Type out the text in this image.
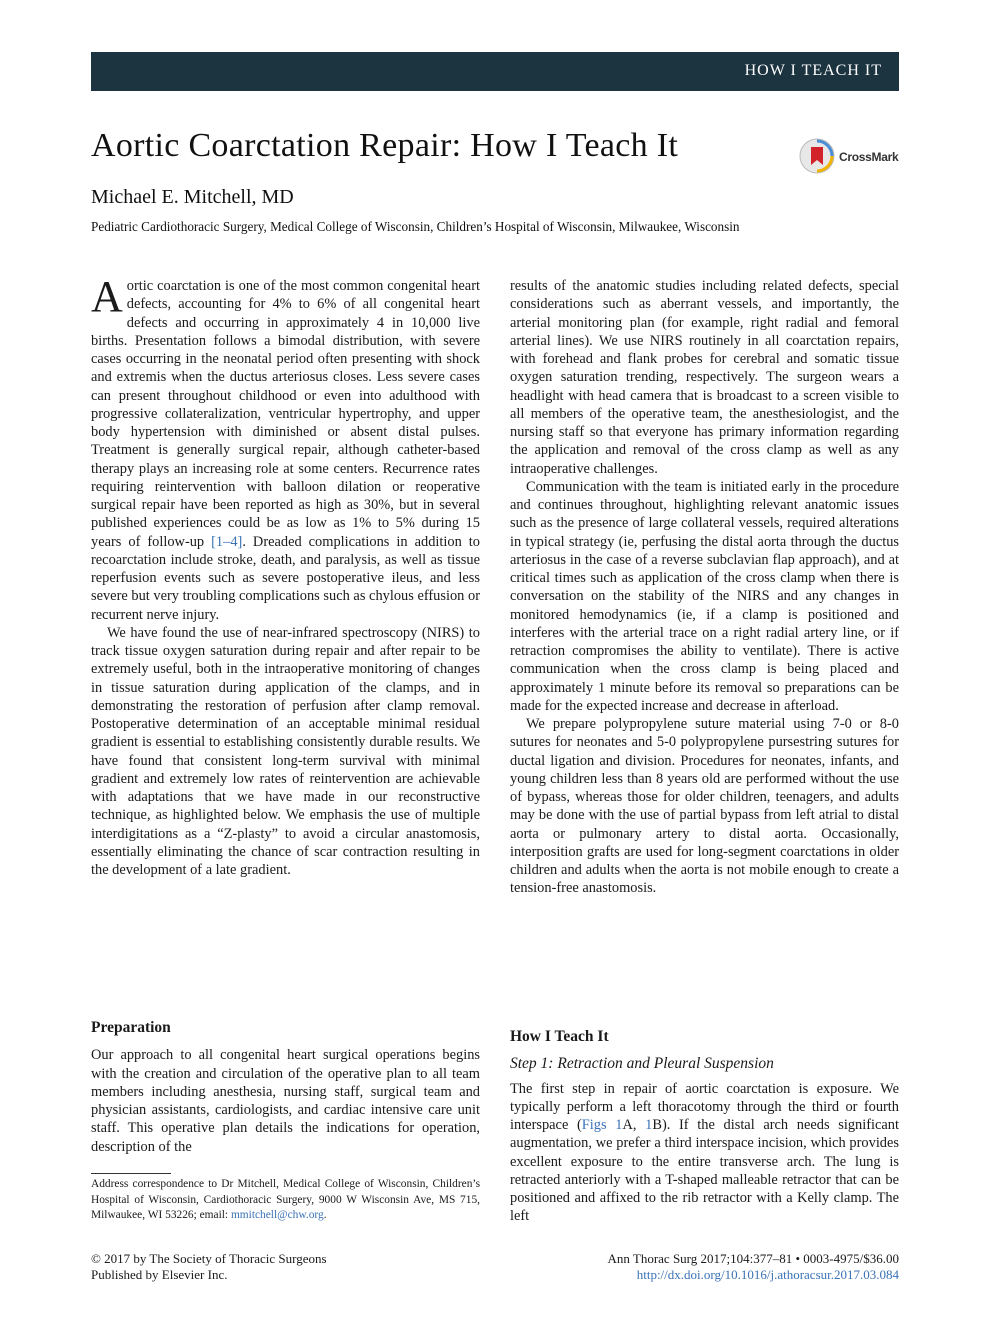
HOW I TEACH IT
Aortic Coarctation Repair: How I Teach It	CrossMark
Michael E. Mitchell, MD
Pediatric Cardiothoracic Surgery, Medical College of Wisconsin, Children’s Hospital of Wisconsin, Milwaukee, Wisconsin

Aortic coarctation is one of the most common congenital heart defects, accounting for 4% to 6% of all congenital heart defects and occurring in approximately 4 in 10,000 live births. Presentation follows a bimodal distribution, with severe cases occurring in the neonatal period often presenting with shock and extremis when the ductus arteriosus closes. Less severe cases can present throughout childhood or even into adulthood with progressive collateralization, ventricular hypertrophy, and upper body hypertension with diminished or absent distal pulses. Treatment is generally surgical repair, although catheter-based therapy plays an increasing role at some centers. Recurrence rates requiring reintervention with balloon dilation or reoperative surgical repair have been reported as high as 30%, but in several published experiences could be as low as 1% to 5% during 15 years of follow-up [1–4]. Dreaded complications in addition to recoarctation include stroke, death, and paralysis, as well as tissue reperfusion events such as severe postoperative ileus, and less severe but very troubling complications such as chylous effusion or recurrent nerve injury.

We have found the use of near-infrared spectroscopy (NIRS) to track tissue oxygen saturation during repair and after repair to be extremely useful, both in the intraoperative monitoring of changes in tissue saturation during application of the clamps, and in demonstrating the restoration of perfusion after clamp removal. Postoperative determination of an acceptable minimal residual gradient is essential to establishing consistently durable results. We have found that consistent long-term survival with minimal gradient and extremely low rates of reintervention are achievable with adaptations that we have made in our reconstructive technique, as highlighted below. We emphasis the use of multiple interdigitations as a “Z-plasty” to avoid a circular anastomosis, essentially eliminating the chance of scar contraction resulting in the development of a late gradient.

Preparation

Our approach to all congenital heart surgical operations begins with the creation and circulation of the operative plan to all team members including anesthesia, nursing staff, surgical team and physician assistants, cardiologists, and cardiac intensive care unit staff. This operative plan details the indications for operation, description of the

Address correspondence to Dr Mitchell, Medical College of Wisconsin, Children’s Hospital of Wisconsin, Cardiothoracic Surgery, 9000 W Wisconsin Ave, MS 715, Milwaukee, WI 53226; email: mmitchell@chw.org.

results of the anatomic studies including related defects, special considerations such as aberrant vessels, and importantly, the arterial monitoring plan (for example, right radial and femoral arterial lines). We use NIRS routinely in all coarctation repairs, with forehead and flank probes for cerebral and somatic tissue oxygen saturation trending, respectively. The surgeon wears a headlight with head camera that is broadcast to a screen visible to all members of the operative team, the anesthesiologist, and the nursing staff so that everyone has primary information regarding the application and removal of the cross clamp as well as any intraoperative challenges.

Communication with the team is initiated early in the procedure and continues throughout, highlighting relevant anatomic issues such as the presence of large collateral vessels, required alterations in typical strategy (ie, perfusing the distal aorta through the ductus arteriosus in the case of a reverse subclavian flap approach), and at critical times such as application of the cross clamp when there is conversation on the stability of the NIRS and any changes in monitored hemodynamics (ie, if a clamp is positioned and interferes with the arterial trace on a right radial artery line, or if retraction compromises the ability to ventilate). There is active communication when the cross clamp is being placed and approximately 1 minute before its removal so preparations can be made for the expected increase and decrease in afterload.

We prepare polypropylene suture material using 7-0 or 8-0 sutures for neonates and 5-0 polypropylene pursestring sutures for ductal ligation and division. Procedures for neonates, infants, and young children less than 8 years old are performed without the use of bypass, whereas those for older children, teenagers, and adults may be done with the use of partial bypass from left atrial to distal aorta or pulmonary artery to distal aorta. Occasionally, interposition grafts are used for long-segment coarctations in older children and adults when the aorta is not mobile enough to create a tension-free anastomosis.

How I Teach It
Step 1: Retraction and Pleural Suspension

The first step in repair of aortic coarctation is exposure. We typically perform a left thoracotomy through the third or fourth interspace (Figs 1A, 1B). If the distal arch needs significant augmentation, we prefer a third interspace incision, which provides excellent exposure to the entire transverse arch. The lung is retracted anteriorly with a T-shaped malleable retractor that can be positioned and affixed to the rib retractor with a Kelly clamp. The left

© 2017 by The Society of Thoracic Surgeons
Published by Elsevier Inc.
Ann Thorac Surg 2017;104:377–81 • 0003-4975/$36.00
http://dx.doi.org/10.1016/j.athoracsur.2017.03.084
